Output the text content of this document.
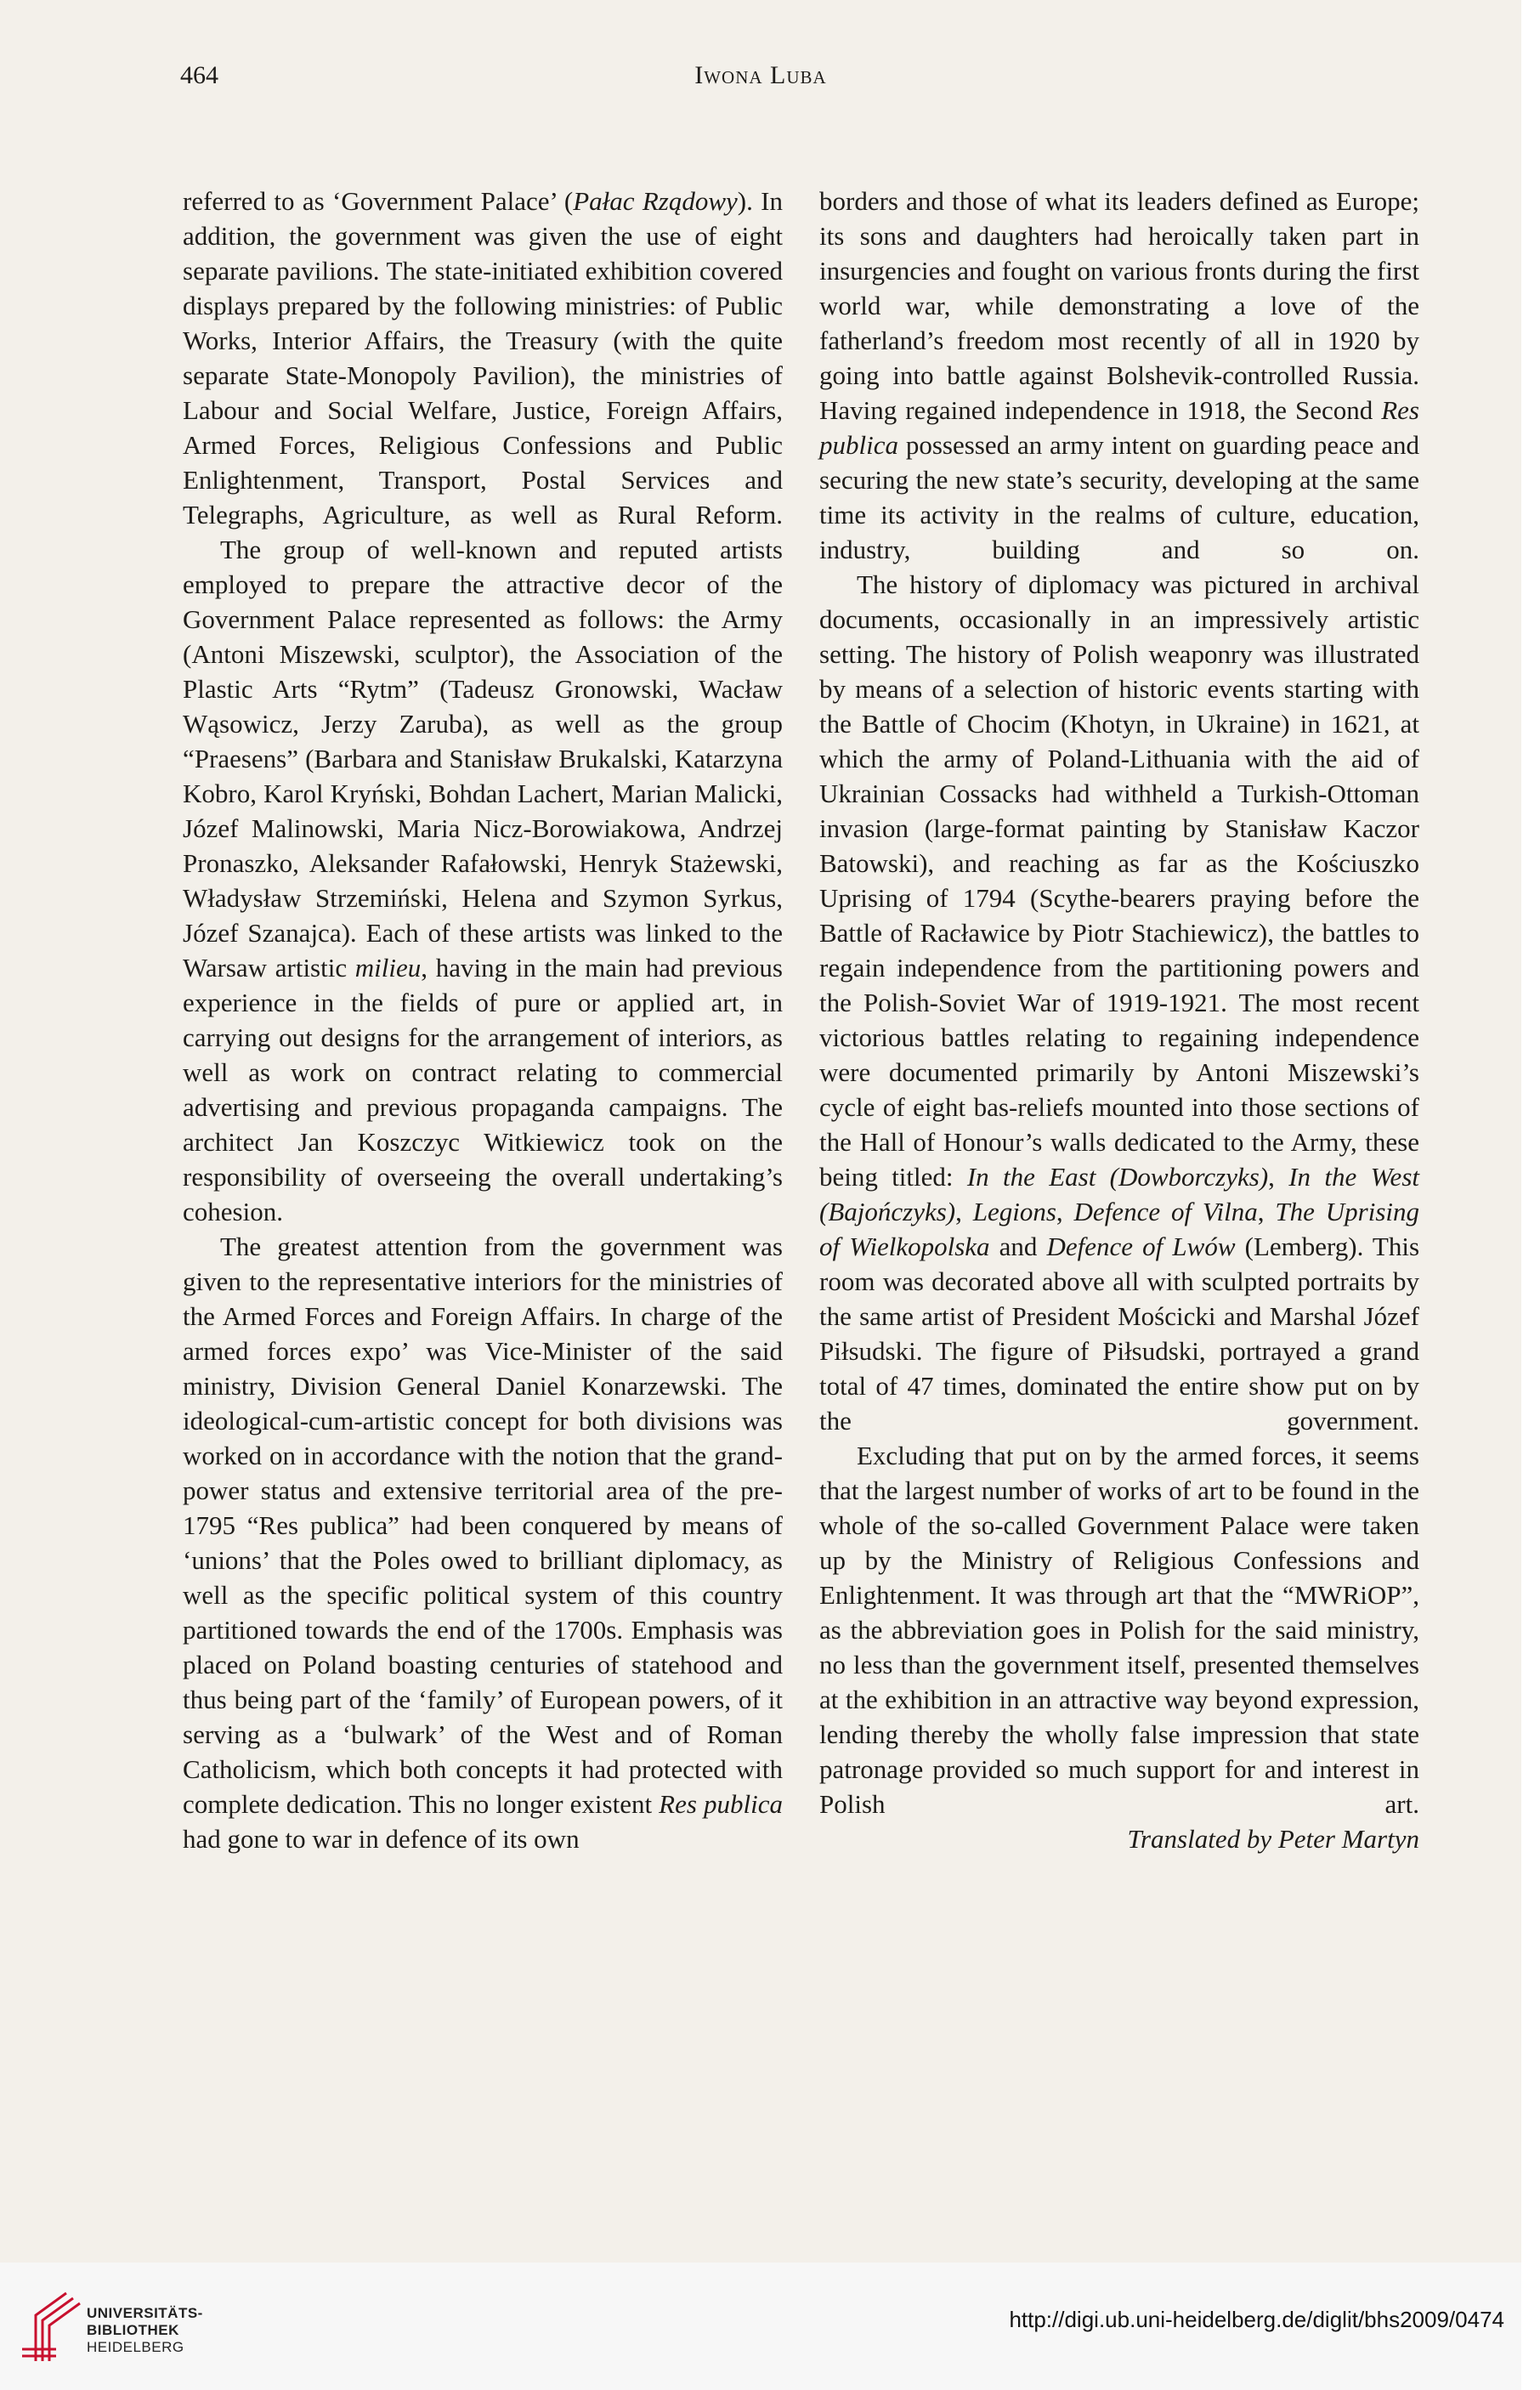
464	Iwona Luba

referred to as ‘Government Palace’ (Pałac Rządowy). In addition, the government was given the use of eight separate pavilions. The state-initiated exhibition covered displays prepared by the following ministries: of Public Works, Interior Affairs, the Treasury (with the quite separate State-Monopoly Pavilion), the ministries of Labour and Social Welfare, Justice, Foreign Affairs, Armed Forces, Religious Confessions and Public Enlightenment, Transport, Postal Services and Telegraphs, Agriculture, as well as Rural Reform.

The group of well-known and reputed artists employed to prepare the attractive decor of the Government Palace represented as follows: the Army (Antoni Miszewski, sculptor), the Association of the Plastic Arts “Rytm” (Tadeusz Gronowski, Wacław Wąsowicz, Jerzy Zaruba), as well as the group “Praesens” (Barbara and Stanisław Brukalski, Katarzyna Kobro, Karol Kryński, Bohdan Lachert, Marian Malicki, Józef Malinowski, Maria Nicz-Borowiakowa, Andrzej Pronaszko, Aleksander Rafałowski, Henryk Stażewski, Władysław Strzemiński, Helena and Szymon Syrkus, Józef Szanajca). Each of these artists was linked to the Warsaw artistic milieu, having in the main had previous experience in the fields of pure or applied art, in carrying out designs for the arrangement of interiors, as well as work on contract relating to commercial advertising and previous propaganda campaigns. The architect Jan Koszczyc Witkiewicz took on the responsibility of overseeing the overall undertaking’s cohesion.

The greatest attention from the government was given to the representative interiors for the ministries of the Armed Forces and Foreign Affairs. In charge of the armed forces expo’ was Vice-Minister of the said ministry, Division General Daniel Konarzewski. The ideological-cum-artistic concept for both divisions was worked on in accordance with the notion that the grand-power status and extensive territorial area of the pre-1795 “Res publica” had been conquered by means of ‘unions’ that the Poles owed to brilliant diplomacy, as well as the specific political system of this country partitioned towards the end of the 1700s. Emphasis was placed on Poland boasting centuries of statehood and thus being part of the ‘family’ of European powers, of it serving as a ‘bulwark’ of the West and of Roman Catholicism, which both concepts it had protected with complete dedication. This no longer existent Res publica had gone to war in defence of its own

borders and those of what its leaders defined as Europe; its sons and daughters had heroically taken part in insurgencies and fought on various fronts during the first world war, while demonstrating a love of the fatherland’s freedom most recently of all in 1920 by going into battle against Bolshevik-controlled Russia. Having regained independence in 1918, the Second Res publica possessed an army intent on guarding peace and securing the new state’s security, developing at the same time its activity in the realms of culture, education, industry, building and so on.

The history of diplomacy was pictured in archival documents, occasionally in an impressively artistic setting. The history of Polish weaponry was illustrated by means of a selection of historic events starting with the Battle of Chocim (Khotyn, in Ukraine) in 1621, at which the army of Poland-Lithuania with the aid of Ukrainian Cossacks had withheld a Turkish-Ottoman invasion (large-format painting by Stanisław Kaczor Batowski), and reaching as far as the Kościuszko Uprising of 1794 (Scythe-bearers praying before the Battle of Racławice by Piotr Stachiewicz), the battles to regain independence from the partitioning powers and the Polish-Soviet War of 1919-1921. The most recent victorious battles relating to regaining independence were documented primarily by Antoni Miszewski’s cycle of eight bas-reliefs mounted into those sections of the Hall of Honour’s walls dedicated to the Army, these being titled: In the East (Dowborczyks), In the West (Bajończyks), Legions, Defence of Vilna, The Uprising of Wielkopolska and Defence of Lwów (Lemberg). This room was decorated above all with sculpted portraits by the same artist of President Mościcki and Marshal Józef Piłsudski. The figure of Piłsudski, portrayed a grand total of 47 times, dominated the entire show put on by the government.

Excluding that put on by the armed forces, it seems that the largest number of works of art to be found in the whole of the so-called Government Palace were taken up by the Ministry of Religious Confessions and Enlightenment. It was through art that the “MWRiOP”, as the abbreviation goes in Polish for the said ministry, no less than the government itself, presented themselves at the exhibition in an attractive way beyond expression, lending thereby the wholly false impression that state patronage provided so much support for and interest in Polish art.

Translated by Peter Martyn

UNIVERSITÄTS-
BIBLIOTHEK
HEIDELBERG
http://digi.ub.uni-heidelberg.de/diglit/bhs2009/0474
